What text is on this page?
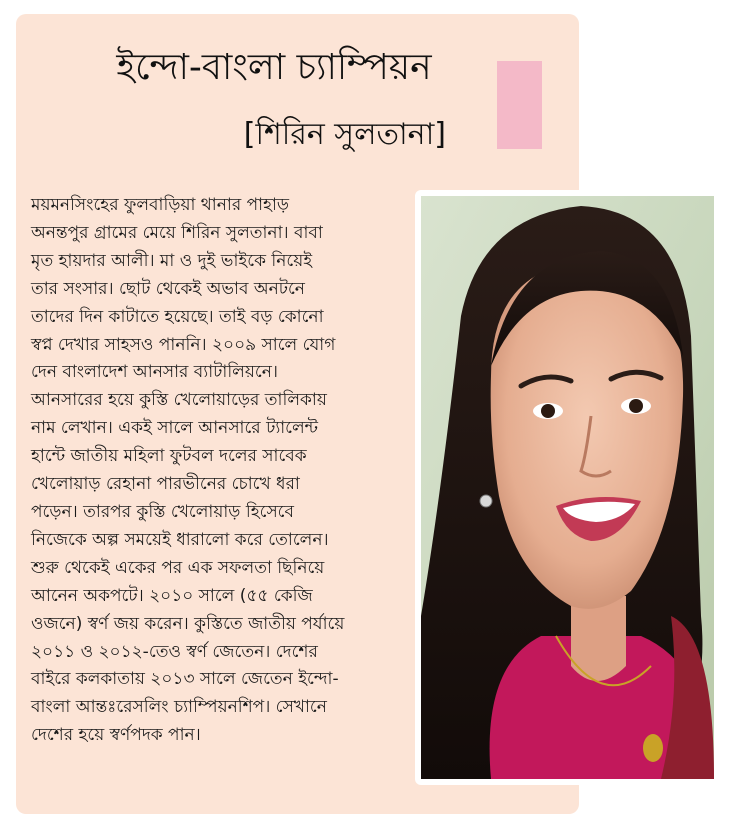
ইন্দো-বাংলা চ্যাম্পিয়ন
[শিরিন সুলতানা]
ময়মনসিংহের ফুলবাড়িয়া থানার পাহাড়
অনন্তপুর গ্রামের মেয়ে শিরিন সুলতানা। বাবা
মৃত হায়দার আলী। মা ও দুই ভাইকে নিয়েই
তার সংসার। ছোট থেকেই অভাব অনটনে
তাদের দিন কাটাতে হয়েছে। তাই বড় কোনো
স্বপ্ন দেখার সাহসও পাননি। ২০০৯ সালে যোগ
দেন বাংলাদেশ আনসার ব্যাটালিয়নে।
আনসারের হয়ে কুস্তি খেলোয়াড়ের তালিকায়
নাম লেখান। একই সালে আনসারে ট্যালেন্ট
হান্টে জাতীয় মহিলা ফুটবল দলের সাবেক
খেলোয়াড় রেহানা পারভীনের চোখে ধরা
পড়েন। তারপর কুস্তি খেলোয়াড় হিসেবে
নিজেকে অল্প সময়েই ধারালো করে তোলেন।
শুরু থেকেই একের পর এক সফলতা ছিনিয়ে
আনেন অকপটে। ২০১০ সালে (৫৫ কেজি
ওজনে) স্বর্ণ জয় করেন। কুস্তিতে জাতীয় পর্যায়ে
২০১১ ও ২০১২-তেও স্বর্ণ জেতেন। দেশের
বাইরে কলকাতায় ২০১৩ সালে জেতেন ইন্দো-
বাংলা আন্তঃরেসলিং চ্যাম্পিয়নশিপ। সেখানে
দেশের হয়ে স্বর্ণপদক পান।
